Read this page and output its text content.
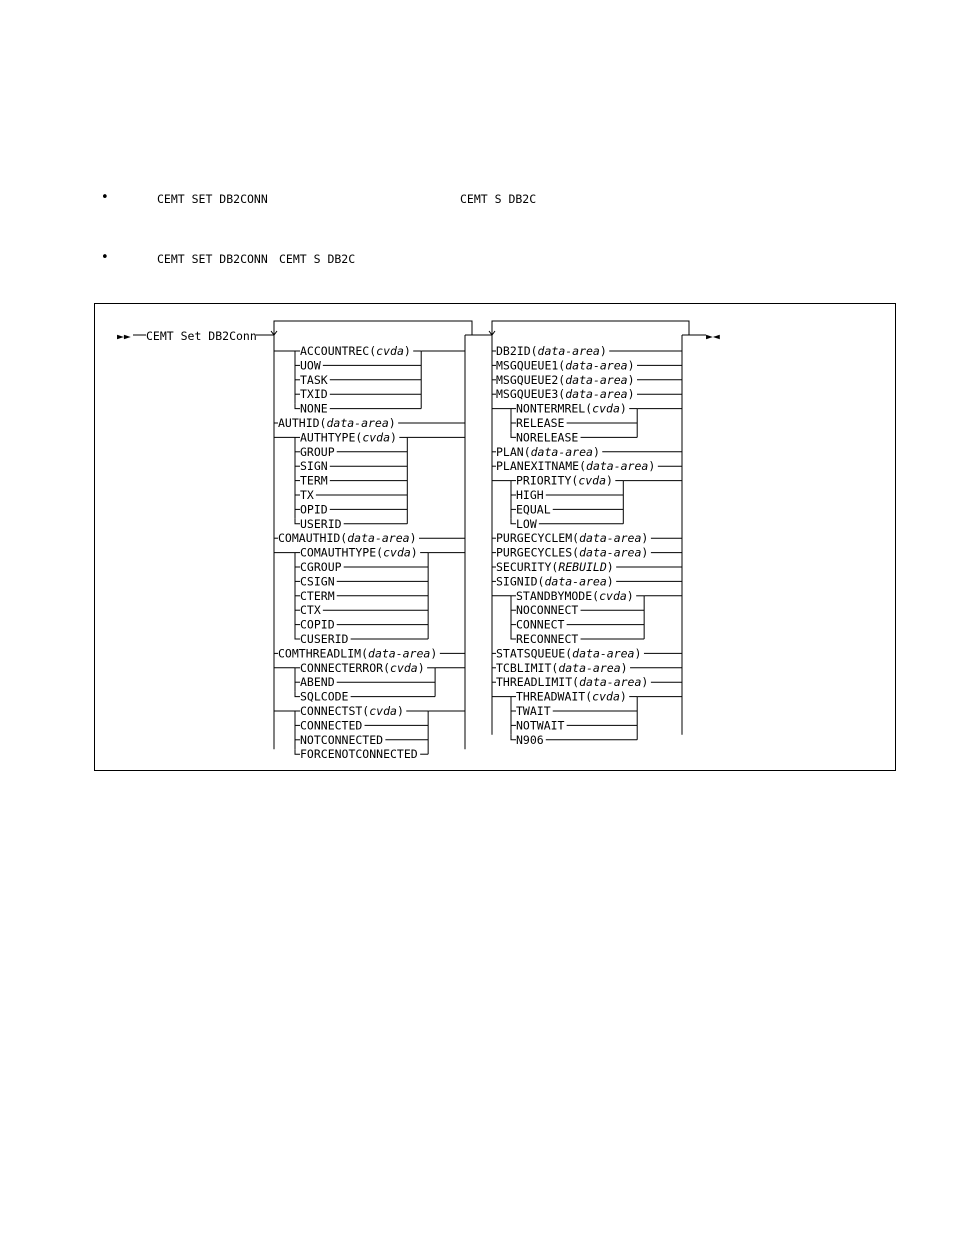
•	CEMT SET DB2CONN	CEMT S DB2C
•	CEMT SET DB2CONN CEMT S DB2C
►► CEMT Set DB2Conn	►◄
ACCOUNTREC(cvda)
UOW
TASK
TXID
NONE
AUTHID(data-area)
AUTHTYPE(cvda)
GROUP
SIGN
TERM
TX
OPID
USERID
COMAUTHID(data-area)
COMAUTHTYPE(cvda)
CGROUP
CSIGN
CTERM
CTX
COPID
CUSERID
COMTHREADLIM(data-area)
CONNECTERROR(cvda)
ABEND
SQLCODE
CONNECTST(cvda)
CONNECTED
NOTCONNECTED
FORCENOTCONNECTED
DB2ID(data-area)
MSGQUEUE1(data-area)
MSGQUEUE2(data-area)
MSGQUEUE3(data-area)
NONTERMREL(cvda)
RELEASE
NORELEASE
PLAN(data-area)
PLANEXITNAME(data-area)
PRIORITY(cvda)
HIGH
EQUAL
LOW
PURGECYCLEM(data-area)
PURGECYCLES(data-area)
SECURITY(REBUILD)
SIGNID(data-area)
STANDBYMODE(cvda)
NOCONNECT
CONNECT
RECONNECT
STATSQUEUE(data-area)
TCBLIMIT(data-area)
THREADLIMIT(data-area)
THREADWAIT(cvda)
TWAIT
NOTWAIT
N906
